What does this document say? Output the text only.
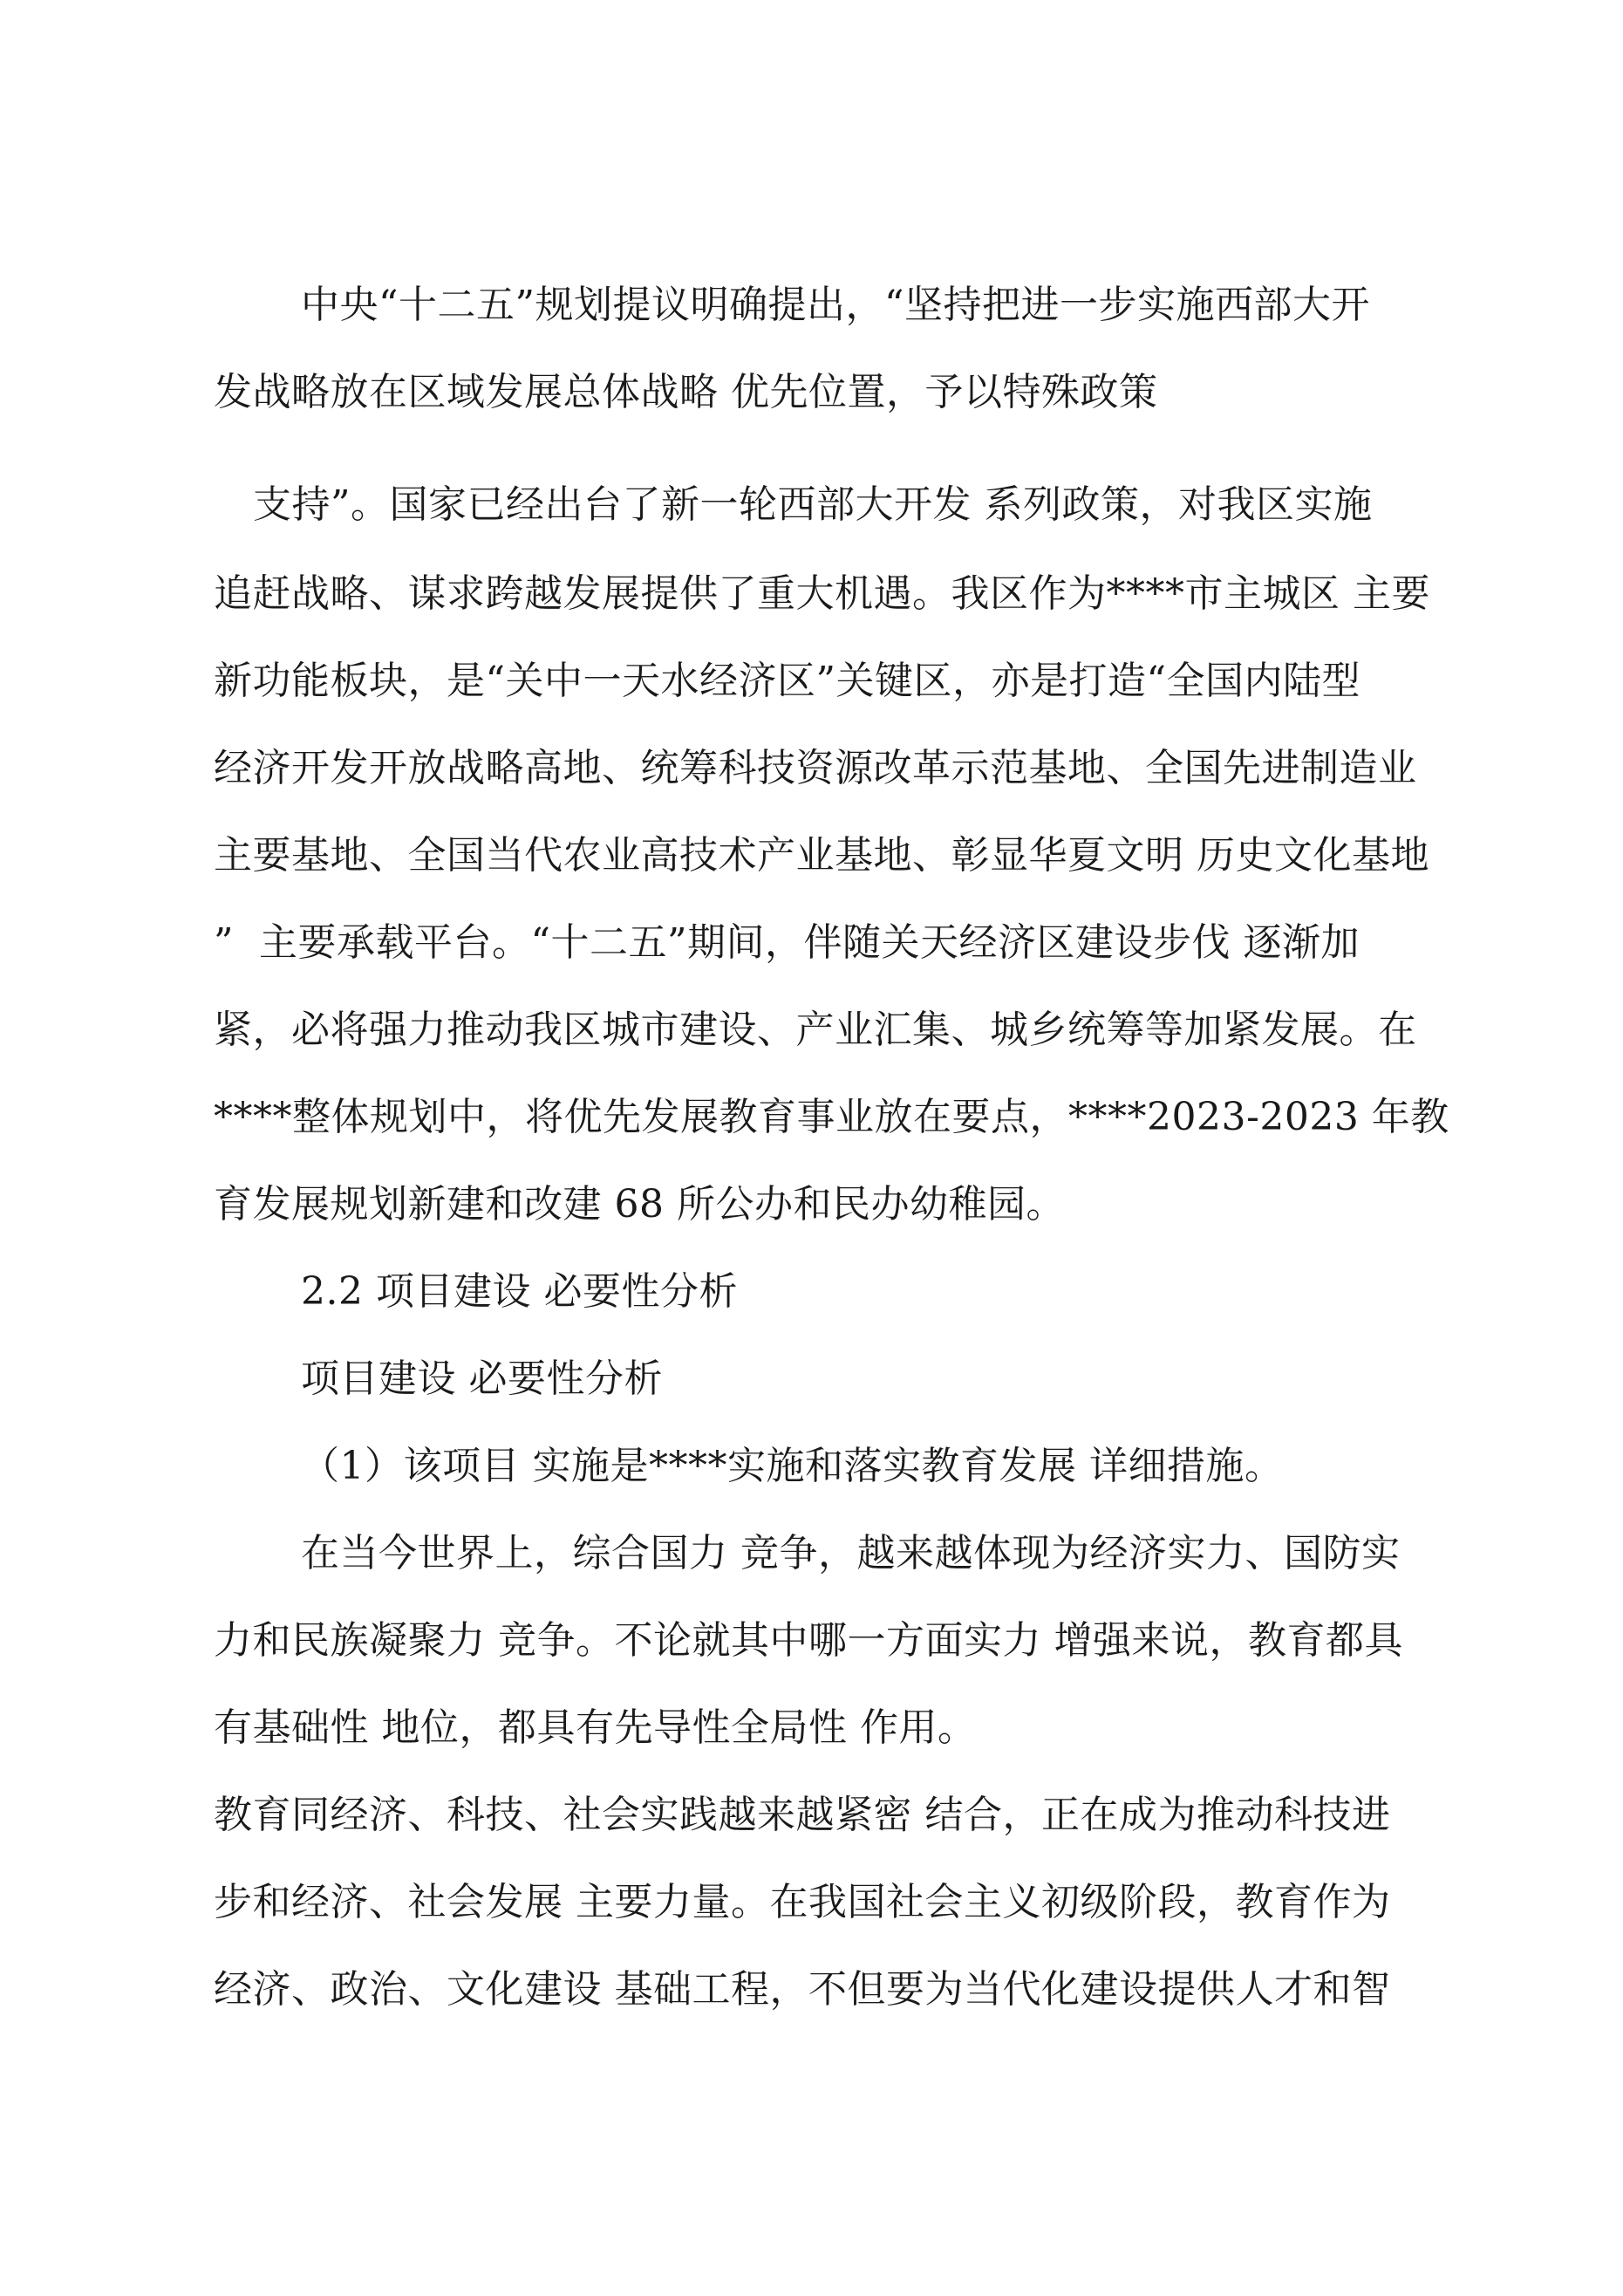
中央“十二五”规划提议明确提出，“坚持把进一步实施西部大开
发战略放在区域发展总体战略 优先位置，予以特殊政策
支持”。国家已经出台了新一轮西部大开发 系列政策，对我区实施
追赶战略、谋求跨越发展提供了重大机遇。我区作为****市主城区 主要
新功能板块，是“关中一天水经济区”关键区，亦是打造“全国内陆型
经济开发开放战略高地、统筹科技资源改革示范基地、全国先进制造业
主要基地、全国当代农业高技术产业基地、彰显华夏文明 历史文化基地
”  主要承载平台。“十二五”期间，伴随关天经济区建设步伐 逐渐加
紧，必将强力推动我区城市建设、产业汇集、城乡统筹等加紧发展。在
****整体规划中，将优先发展教育事业放在要点，****2023-2023 年教
育发展规划新建和改建 68 所公办和民办幼稚园。
2.2 项目建设 必要性分析
项目建设 必要性分析
（1）该项目 实施是****实施和落实教育发展 详细措施。
在当今世界上，综合国力 竞争，越来越体现为经济实力、国防实
力和民族凝聚力 竞争。不论就其中哪一方面实力 增强来说，教育都具
有基础性 地位，都具有先导性全局性 作用。
教育同经济、科技、社会实践越来越紧密 结合，正在成为推动科技进
步和经济、社会发展 主要力量。在我国社会主义初级阶段，教育作为
经济、政治、文化建设 基础工程，不但要为当代化建设提供人才和智
